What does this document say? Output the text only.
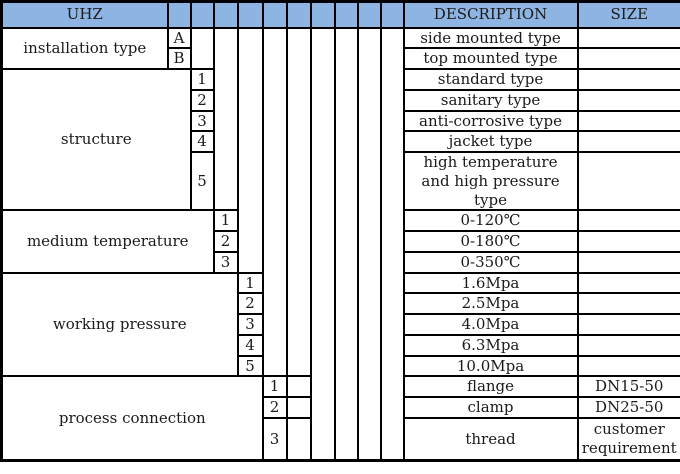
UHZ											DESCRIPTION	SIZE
installation type	A										side mounted type	
	B										top mounted type	
structure		1									standard type	
		2									sanitary type	
		3									anti-corrosive type	
		4									jacket type	
		5									high temperature and high pressure type	
medium temperature			1								0-120℃	
			2								0-180℃	
			3								0-350℃	
working pressure				1							1.6Mpa	
				2							2.5Mpa	
				3							4.0Mpa	
				4							6.3Mpa	
				5							10.0Mpa	
process connection					1						flange	DN15-50
					2						clamp	DN25-50
					3						thread	customer requirement
